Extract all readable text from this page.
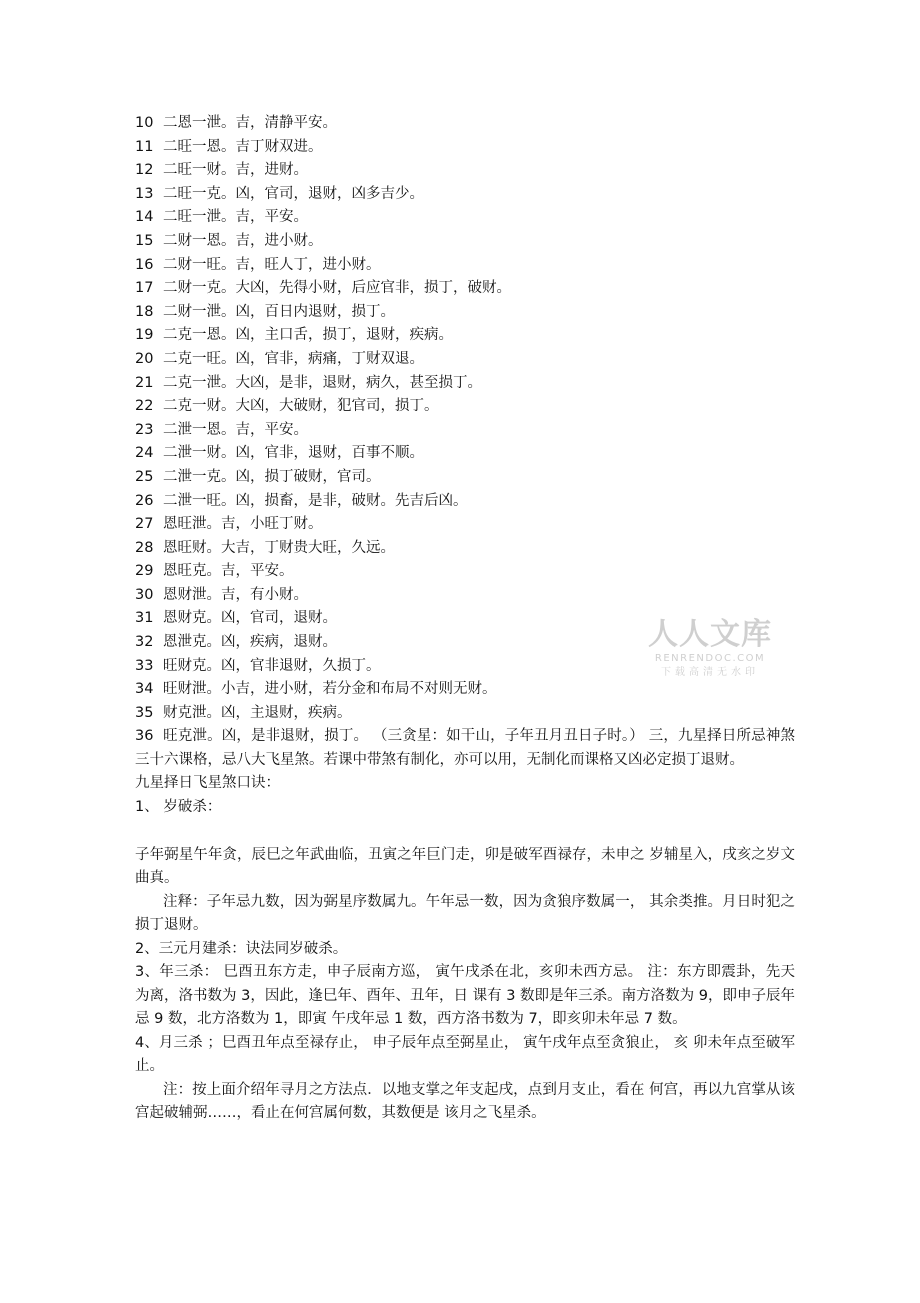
10 二恩一泄。吉，清静平安。
11 二旺一恩。吉丁财双进。
12 二旺一财。吉，进财。
13 二旺一克。凶，官司，退财，凶多吉少。
14 二旺一泄。吉，平安。
15 二财一恩。吉，进小财。
16 二财一旺。吉，旺人丁，进小财。
17 二财一克。大凶，先得小财，后应官非，损丁，破财。
18 二财一泄。凶，百日内退财，损丁。
19 二克一恩。凶，主口舌，损丁，退财，疾病。
20 二克一旺。凶，官非，病痛，丁财双退。
21 二克一泄。大凶，是非，退财，病久，甚至损丁。
22 二克一财。大凶，大破财，犯官司，损丁。
23 二泄一恩。吉，平安。
24 二泄一财。凶，官非，退财，百事不顺。
25 二泄一克。凶，损丁破财，官司。
26 二泄一旺。凶，损畜，是非，破财。先吉后凶。
27 恩旺泄。吉，小旺丁财。
28 恩旺财。大吉，丁财贵大旺，久远。
29 恩旺克。吉，平安。
30 恩财泄。吉，有小财。
31 恩财克。凶，官司，退财。
32 恩泄克。凶，疾病，退财。
33 旺财克。凶，官非退财，久损丁。
34 旺财泄。小吉，进小财，若分金和布局不对则无财。
35 财克泄。凶，主退财，疾病。
36 旺克泄。凶，是非退财，损丁。 （三贪星：如干山，子年丑月丑日子时。） 三，九星择日所忌神煞 三十六课格，忌八大飞星煞。若课中带煞有制化，亦可以用，无制化而课格又凶必定损丁退财。
九星择日飞星煞口诀：
1、 岁破杀：
子年弼星午年贪，辰巳之年武曲临，丑寅之年巨门走，卯是破军酉禄存，未申之 岁辅星入，戌亥之岁文曲真。
注释：子年忌九数，因为弼星序数属九。午年忌一数，因为贪狼序数属一， 其余类推。月日时犯之损丁退财。
2、三元月建杀：诀法同岁破杀。
3、年三杀： 巳酉丑东方走，申子辰南方巡， 寅午戌杀在北，亥卯未西方忌。 注：东方即震卦，先天为离，洛书数为 3，因此，逢巳年、酉年、丑年，日 课有 3 数即是年三杀。南方洛数为 9，即申子辰年忌 9 数，北方洛数为 1，即寅 午戌年忌 1 数，西方洛书数为 7，即亥卯未年忌 7 数。
4、月三杀 ；巳酉丑年点至禄存止， 申子辰年点至弼星止， 寅午戌年点至贪狼止， 亥 卯未年点至破军止。
注：按上面介绍年寻月之方法点．以地支掌之年支起戌，点到月支止，看在 何宫，再以九宫掌从该宫起破辅弼……，看止在何宫属何数，其数便是 该月之飞星杀。
人人文库
RENRENDOC.COM
下载高清无水印
